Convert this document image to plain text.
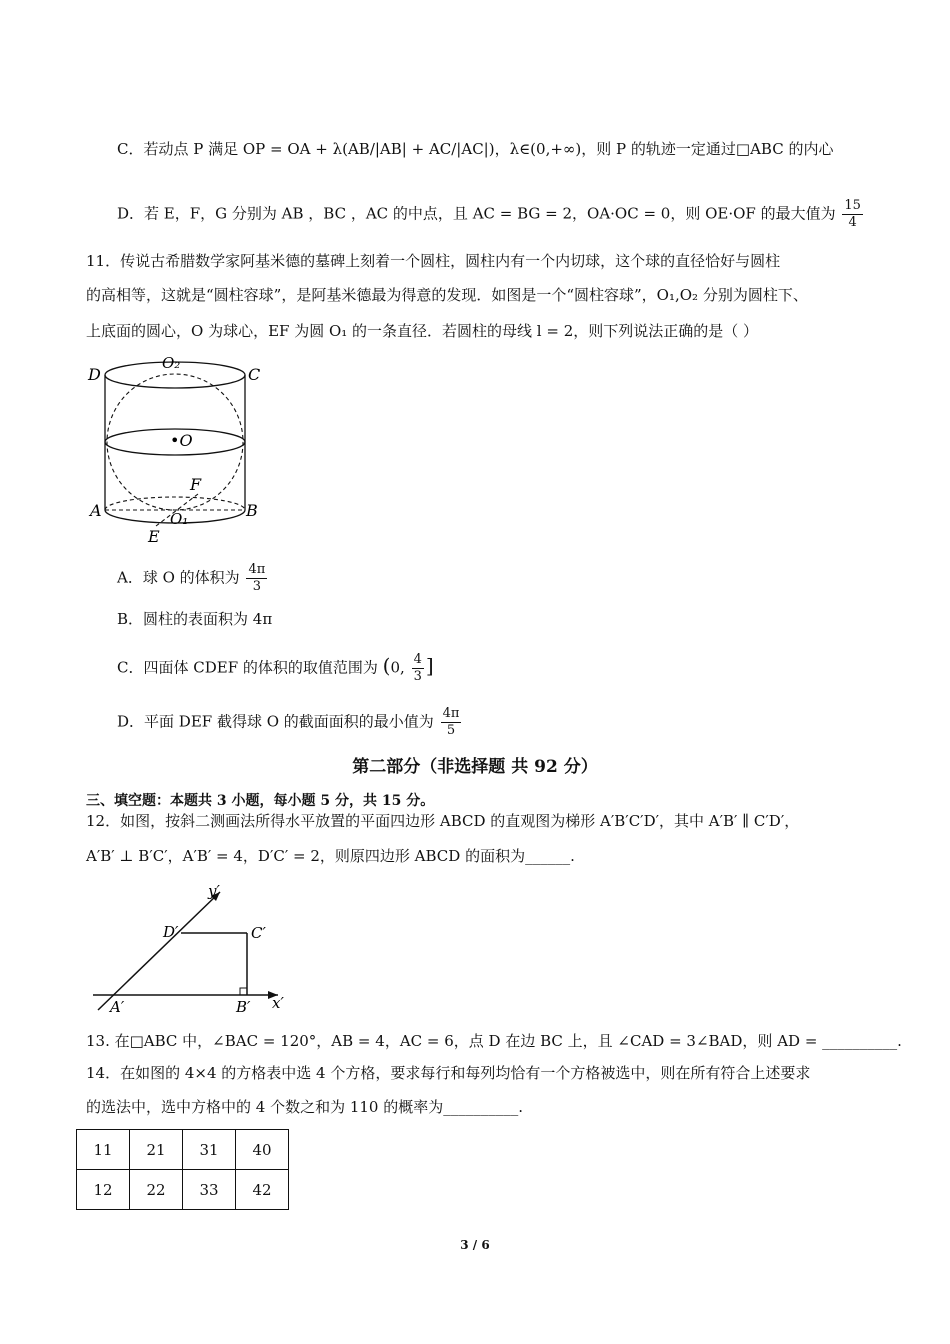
C．若动点 P 满足 OP = OA + λ(AB/|AB| + AC/|AC|)，λ∈(0,+∞)，则 P 的轨迹一定通过□ABC 的内心
D．若 E，F，G 分别为 AB ，BC ，AC 的中点，且 AC = BG = 2，OA·OC = 0，则 OE·OF 的最大值为 $\frac{15}{4}$
11．传说古希腊数学家阿基米德的墓碑上刻着一个圆柱，圆柱内有一个内切球，这个球的直径恰好与圆柱
的高相等，这就是“圆柱容球”，是阿基米德最为得意的发现．如图是一个“圆柱容球”，O₁,O₂ 分别为圆柱下、
上底面的圆心，O 为球心，EF 为圆 O₁ 的一条直径．若圆柱的母线 l = 2，则下列说法正确的是（ ）
D	C
O₂
•O
F
A	B
O₁
E
A．球 O 的体积为 $\frac{4\pi}{3}$
B．圆柱的表面积为 4π
C．四面体 CDEF 的体积的取值范围为 (0, $\frac{4}{3}$ ]
D．平面 DEF 截得球 O 的截面面积的最小值为 $\frac{4\pi}{5}$
第二部分（非选择题 共 92 分）
三、填空题：本题共 3 小题，每小题 5 分，共 15 分。
12．如图，按斜二测画法所得水平放置的平面四边形 ABCD 的直观图为梯形 A′B′C′D′，其中 A′B′ ∥ C′D′，
A′B′ ⊥ B′C′，A′B′ = 4，D′C′ = 2，则原四边形 ABCD 的面积为______.
y′
D′	C′
A′	B′ x′
13. 在□ABC 中，∠BAC = 120°，AB = 4，AC = 6，点 D 在边 BC 上，且 ∠CAD = 3∠BAD，则 AD = __________.
14．在如图的 4×4 的方格表中选 4 个方格，要求每行和每列均恰有一个方格被选中，则在所有符合上述要求
的选法中，选中方格中的 4 个数之和为 110 的概率为__________.
11	21	31	40
12	22	33	42
3 / 6
